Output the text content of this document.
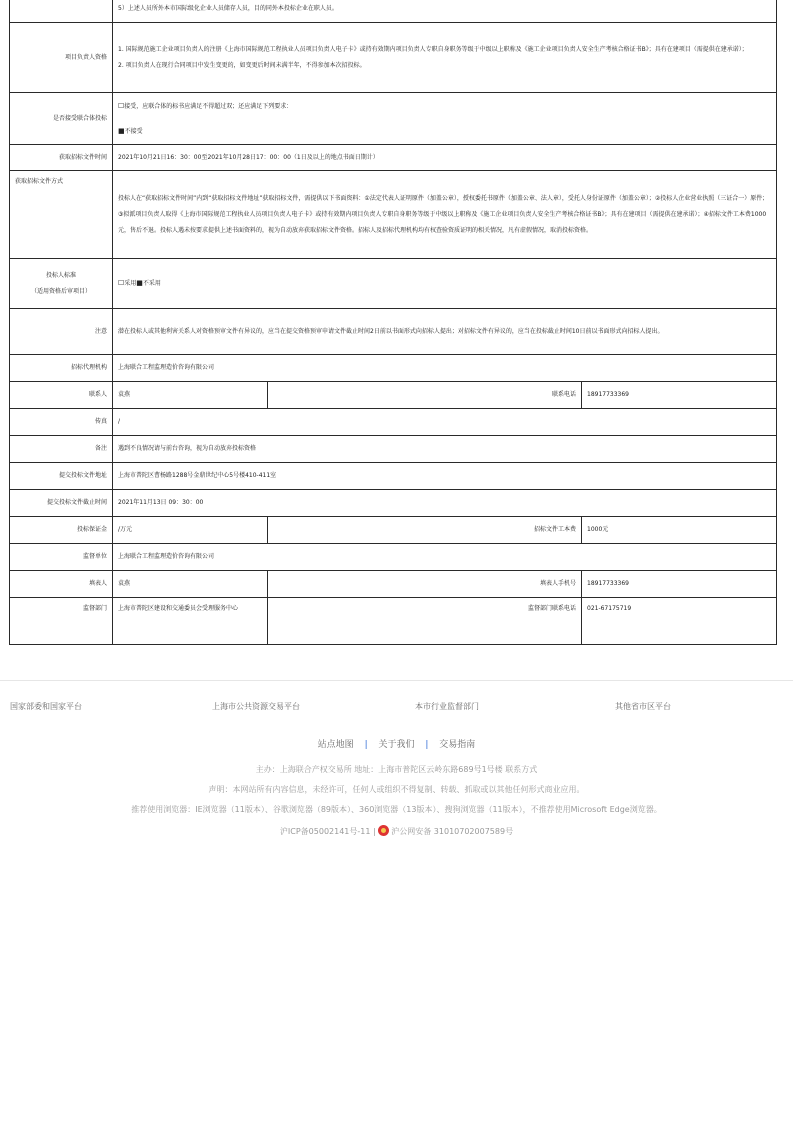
	5）上述人员所外本市国际级化企业人员储存人员，目的同外本投标企业在职人员。		
项目负责人资格	1. 国际规范施工企业项目负责人的注册《上海市国际规范工程执业人员项目负责人电子卡》或持有效期内项目负责人专职自身职务等级于中级以上职称及《施工企业项目负责人安全生产考核合格证书B》；具有在建项目（需提供在建承诺）；
2. 项目负责人在现行合同项目中发生变更的，如变更后时间未满半年，不得参加本次招投标。		

是否接受联合体投标	☐接受，应联合体的标书应满足不得超过双；还应满足下列要求：
■不接受		

获取招标文件时间	2021年10月21日16：30：00至2021年10月28日17：00：00（1日及以上的地点书面日期计）		
获取招标文件方式	投标人在“获取招标文件时间”内到“获取招标文件地址”获取招标文件，需提供以下书面资料：①法定代表人证明原件（加盖公章），授权委托书原件（加盖公章、法人章），受托人身份证原件（加盖公章）；②投标人企业营业执照（三证合一）原件；③拟派项目负责人取得《上海市国际规范工程执业人员项目负责人电子卡》或持有效期内项目负责人专职自身职务等级于中级以上职称及《施工企业项目负责人安全生产考核合格证书B》；具有在建项目（需提供在建承诺）；④招标文件工本费1000元，售后不退。投标人遇未按要求提供上述书面资料的，视为自动放弃获取招标文件资格。招标人及招标代理机构均有权查验资质证明的相关情况，凡有虚假情况，取消投标资格。		

投标人标准
（适用资格后审项目）	☐采用■不采用		
注意	潜在投标人或其他利害关系人对资格预审文件有异议的，应当在提交资格预审申请文件截止时间2日前以书面形式向招标人提出；对招标文件有异议的，应当在投标截止时间10日前以书面形式向招标人提出。		
招标代理机构	上海联合工程监理造价咨询有限公司		
联系人	袁燕	联系电话	18917733369
传真	/		
备注	遇到不良情况请与前台咨询，视为自动放弃投标资格		
提交投标文件地址	上海市普陀区曹杨路1288号金鼎世纪中心5号楼410-411室		
提交投标文件截止时间	2021年11月13日 09：30：00		
投标保证金	/万元	招标文件工本费	1000元
监督单位	上海联合工程监理造价咨询有限公司		
填表人	袁燕	填表人手机号	18917733369
监督部门	上海市普陀区建设和交通委员会受理服务中心	监督部门联系电话	021-67175719
国家部委和国家平台	上海市公共资源交易平台	本市行业监督部门	其他省市区平台
站点地图 | 关于我们 | 交易指南
主办：上海联合产权交易所 地址：上海市普陀区云岭东路689号1号楼 联系方式
声明：本网站所有内容信息，未经许可，任何人或组织不得复制、转载、抓取或以其他任何形式商业应用。
推荐使用浏览器：IE浏览器（11版本）、谷歌浏览器（89版本）、360浏览器（13版本）、搜狗浏览器（11版本），不推荐使用Microsoft Edge浏览器。
沪ICP备05002141号-11 | 沪公网安备 31010702007589号
